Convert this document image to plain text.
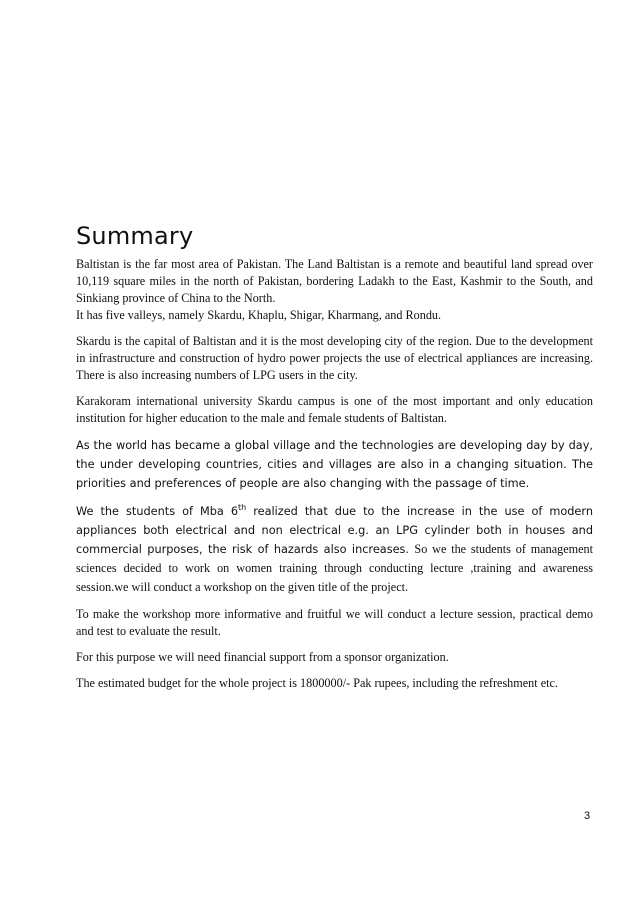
Summary

Baltistan is the far most area of Pakistan. The Land Baltistan is a remote and beautiful land spread over 10,119 square miles in the north of Pakistan, bordering Ladakh to the East, Kashmir to the South, and Sinkiang province of China to the North.

It has five valleys, namely Skardu, Khaplu, Shigar, Kharmang, and Rondu.

Skardu is the capital of Baltistan and it is the most developing city of the region. Due to the development in infrastructure and construction of hydro power projects the use of electrical appliances are increasing. There is also increasing numbers of LPG users in the city.

Karakoram international university Skardu campus is one of the most important and only education institution for higher education to the male and female students of Baltistan.

As the world has became a global village and the technologies are developing day by day, the under developing countries, cities and villages are also in a changing situation. The priorities and preferences of people are also changing with the passage of time.

We the students of Mba 6th realized that due to the increase in the use of modern appliances both electrical and non electrical e.g. an LPG cylinder both in houses and commercial purposes, the risk of hazards also increases. So we the students of management sciences decided to work on women training through conducting lecture ,training and awareness session.we will conduct a workshop on the given title of the project.

To make the workshop more informative and fruitful we will conduct a lecture session, practical demo and test to evaluate the result.

For this purpose we will need financial support from a sponsor organization.

The estimated budget for the whole project is 1800000/- Pak rupees, including the refreshment etc.

3
